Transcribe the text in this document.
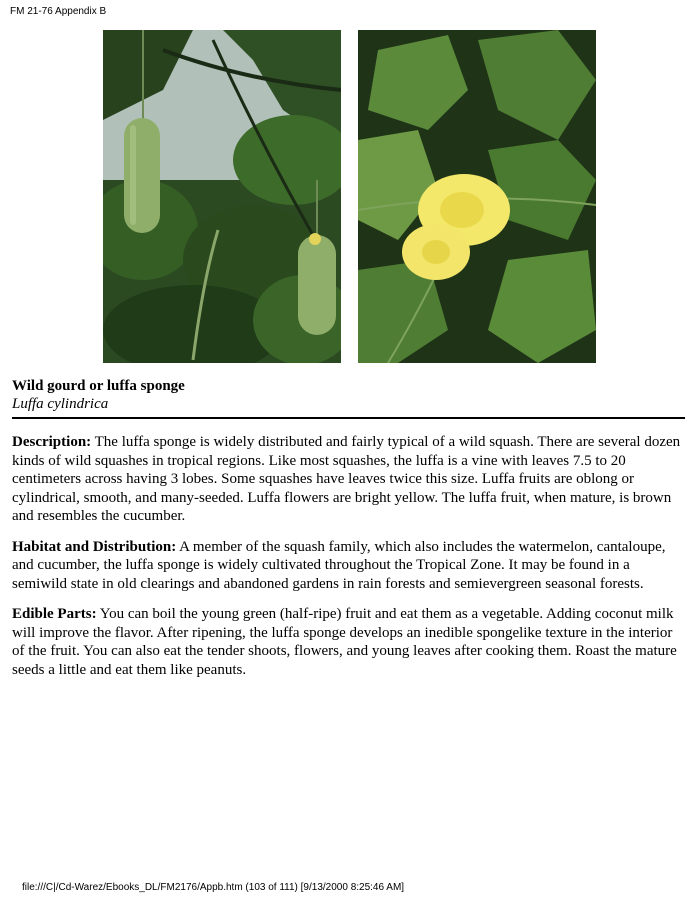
FM 21-76 Appendix B
Wild gourd or luffa sponge
Luffa cylindrica

Description: The luffa sponge is widely distributed and fairly typical of a wild squash. There are several dozen kinds of wild squashes in tropical regions. Like most squashes, the luffa is a vine with leaves 7.5 to 20 centimeters across having 3 lobes. Some squashes have leaves twice this size. Luffa fruits are oblong or cylindrical, smooth, and many-seeded. Luffa flowers are bright yellow. The luffa fruit, when mature, is brown and resembles the cucumber.

Habitat and Distribution: A member of the squash family, which also includes the watermelon, cantaloupe, and cucumber, the luffa sponge is widely cultivated throughout the Tropical Zone. It may be found in a semiwild state in old clearings and abandoned gardens in rain forests and semievergreen seasonal forests.

Edible Parts: You can boil the young green (half-ripe) fruit and eat them as a vegetable. Adding coconut milk will improve the flavor. After ripening, the luffa sponge develops an inedible spongelike texture in the interior of the fruit. You can also eat the tender shoots, flowers, and young leaves after cooking them. Roast the mature seeds a little and eat them like peanuts.

file:///C|/Cd-Warez/Ebooks_DL/FM2176/Appb.htm (103 of 111) [9/13/2000 8:25:46 AM]
